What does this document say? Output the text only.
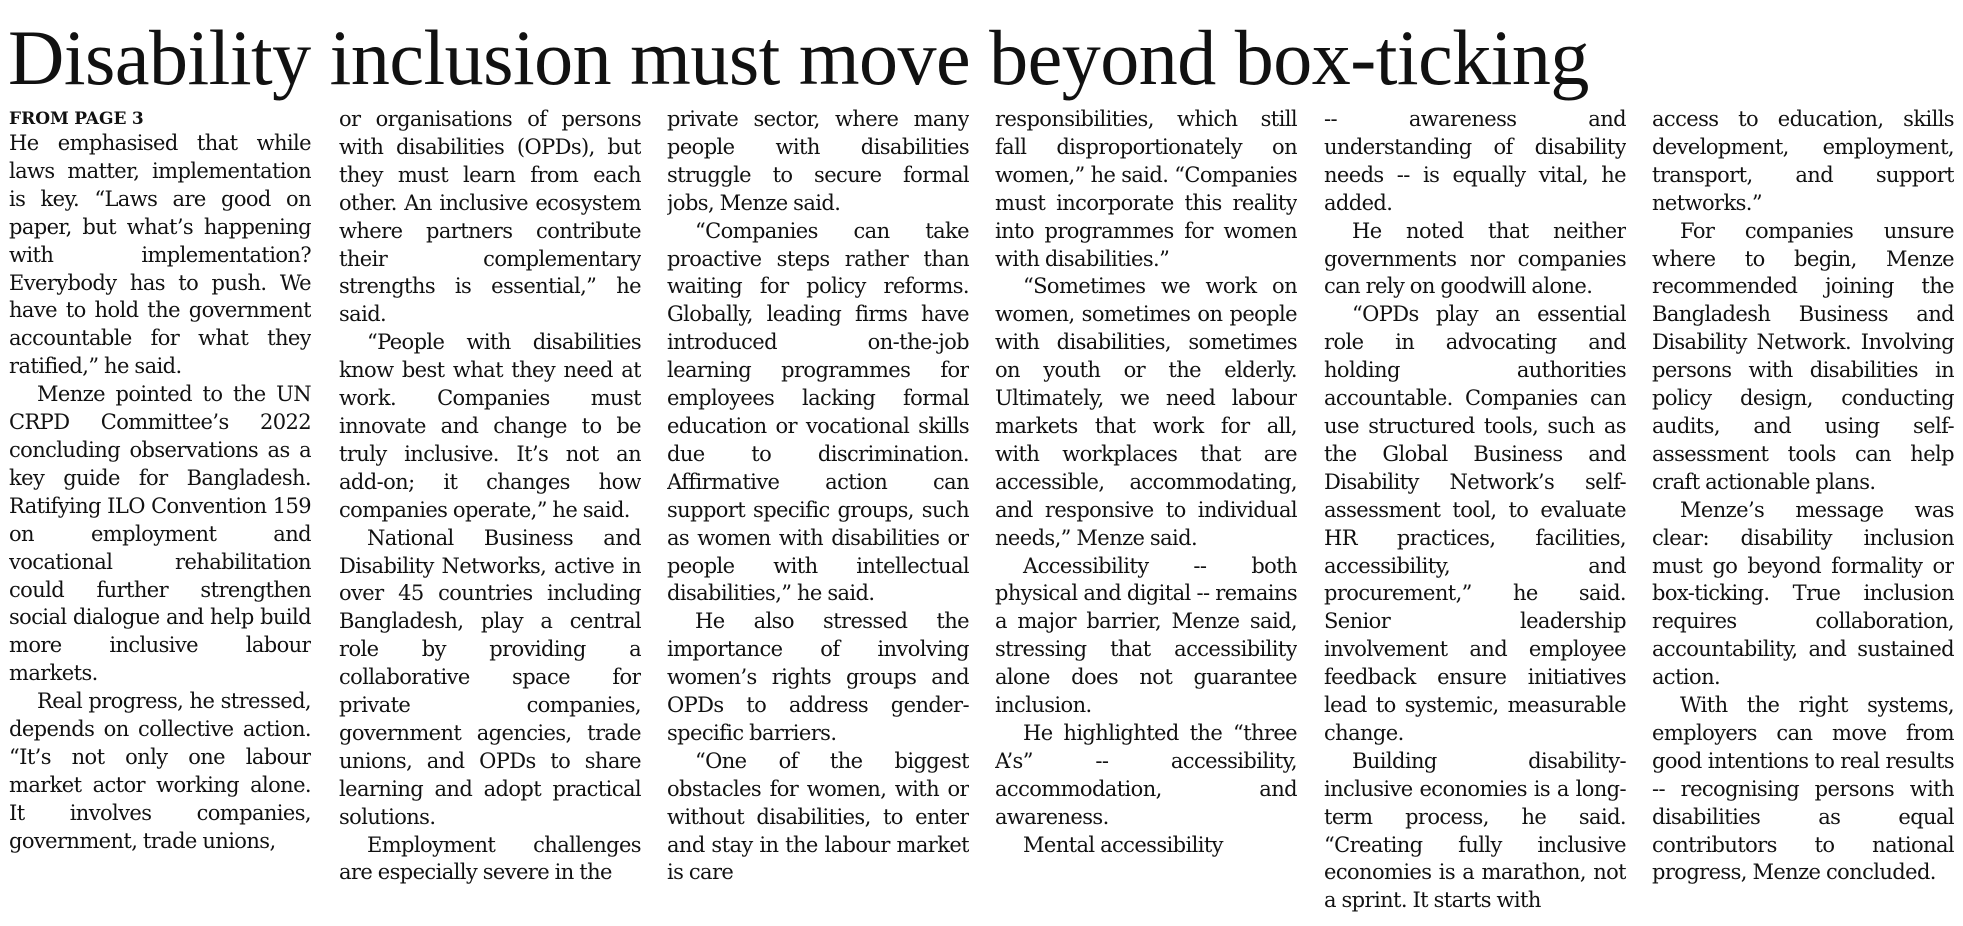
Disability inclusion must move beyond box-ticking
FROM PAGE 3

He emphasised that while laws matter, implementation is key. “Laws are good on paper, but what’s happening with implementation? Everybody has to push. We have to hold the government accountable for what they ratified,” he said.

Menze pointed to the UN CRPD Committee’s 2022 concluding observations as a key guide for Bangladesh. Ratifying ILO Convention 159 on employment and vocational rehabilitation could further strengthen social dialogue and help build more inclusive labour markets.

Real progress, he stressed, depends on collective action. “It’s not only one labour market actor working alone. It involves companies, government, trade unions,

or organisations of persons with disabilities (OPDs), but they must learn from each other. An inclusive ecosystem where partners contribute their complementary strengths is essential,” he said.

“People with disabilities know best what they need at work. Companies must innovate and change to be truly inclusive. It’s not an add-on; it changes how companies operate,” he said.

National Business and Disability Networks, active in over 45 countries including Bangladesh, play a central role by providing a collaborative space for private companies, government agencies, trade unions, and OPDs to share learning and adopt practical solutions.

Employment challenges are especially severe in the

private sector, where many people with disabilities struggle to secure formal jobs, Menze said.

“Companies can take proactive steps rather than waiting for policy reforms. Globally, leading firms have introduced on-the-job learning programmes for employees lacking formal education or vocational skills due to discrimination. Affirmative action can support specific groups, such as women with disabilities or people with intellectual disabilities,” he said.

He also stressed the importance of involving women’s rights groups and OPDs to address gender-specific barriers.

“One of the biggest obstacles for women, with or without disabilities, to enter and stay in the labour market is care

responsibilities, which still fall disproportionately on women,” he said. “Companies must incorporate this reality into programmes for women with disabilities.”

“Sometimes we work on women, sometimes on people with disabilities, sometimes on youth or the elderly. Ultimately, we need labour markets that work for all, with workplaces that are accessible, accommodating, and responsive to individual needs,” Menze said.

Accessibility -- both physical and digital -- remains a major barrier, Menze said, stressing that accessibility alone does not guarantee inclusion.

He highlighted the “three A’s” -- accessibility, accommodation, and awareness.

Mental accessibility

-- awareness and understanding of disability needs -- is equally vital, he added.

He noted that neither governments nor companies can rely on goodwill alone.

“OPDs play an essential role in advocating and holding authorities accountable. Companies can use structured tools, such as the Global Business and Disability Network’s self-assessment tool, to evaluate HR practices, facilities, accessibility, and procurement,” he said. Senior leadership involvement and employee feedback ensure initiatives lead to systemic, measurable change.

Building disability-inclusive economies is a long-term process, he said. “Creating fully inclusive economies is a marathon, not a sprint. It starts with

access to education, skills development, employment, transport, and support networks.”

For companies unsure where to begin, Menze recommended joining the Bangladesh Business and Disability Network. Involving persons with disabilities in policy design, conducting audits, and using self-assessment tools can help craft actionable plans.

Menze’s message was clear: disability inclusion must go beyond formality or box-ticking. True inclusion requires collaboration, accountability, and sustained action.

With the right systems, employers can move from good intentions to real results -- recognising persons with disabilities as equal contributors to national progress, Menze concluded.
